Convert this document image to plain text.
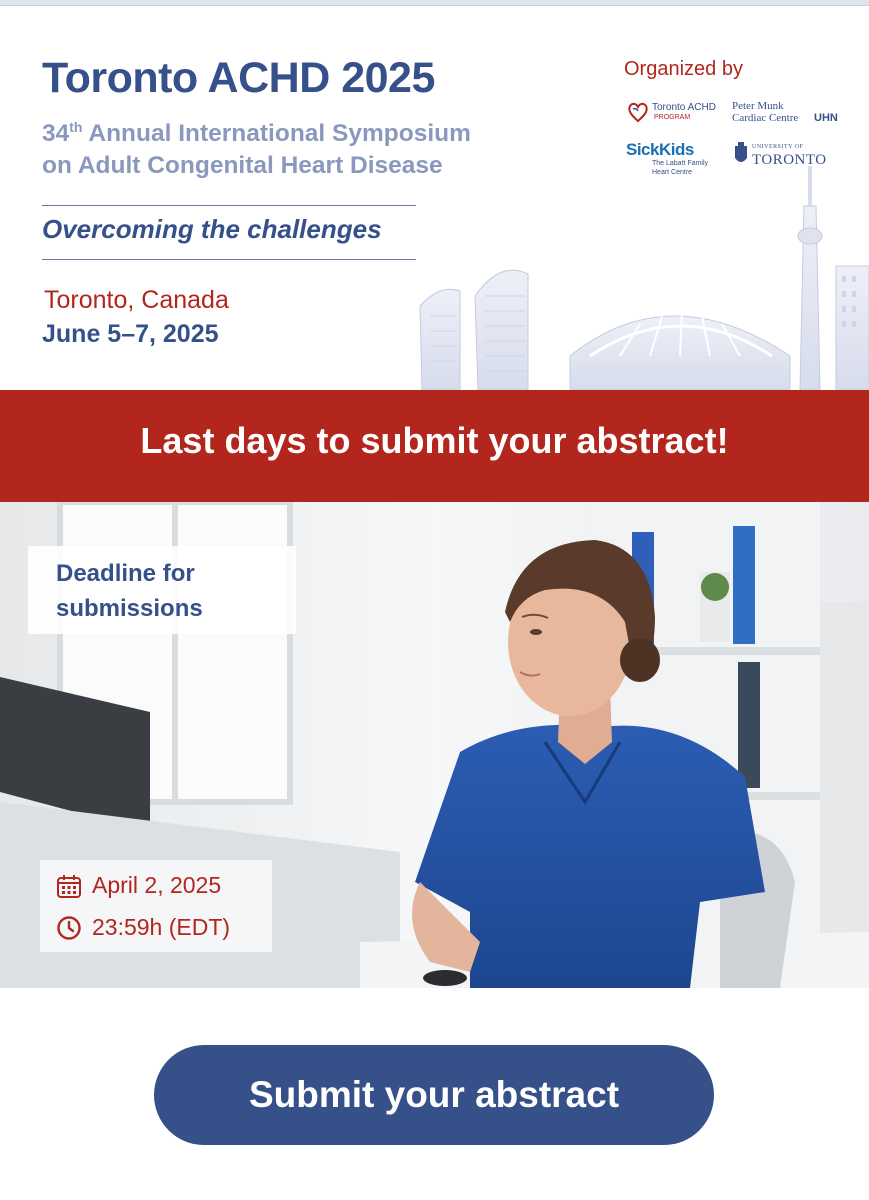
Toronto ACHD 2025
34th Annual International Symposium
on Adult Congenital Heart Disease
Overcoming the challenges
Toronto, Canada
June 5–7, 2025
Organized by
Toronto ACHD
PROGRAM
Peter Munk
Cardiac Centre UHN
SickKids
The Labatt Family Heart Centre
UNIVERSITY OF
TORONTO
Last days to submit your abstract!
Deadline for submissions
April 2, 2025
23:59h (EDT)
Submit your abstract
